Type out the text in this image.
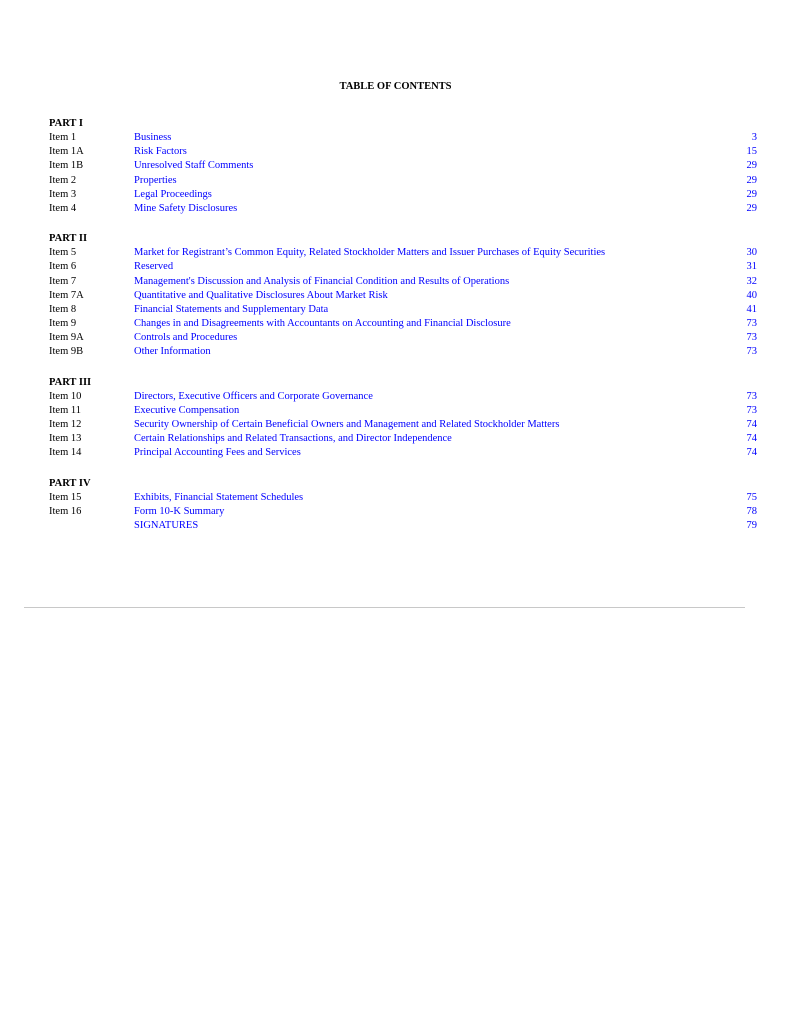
TABLE OF CONTENTS
PART I
Item 1	Business	3
Item 1A	Risk Factors	15
Item 1B	Unresolved Staff Comments	29
Item 2	Properties	29
Item 3	Legal Proceedings	29
Item 4	Mine Safety Disclosures	29
PART II
Item 5	Market for Registrant’s Common Equity, Related Stockholder Matters and Issuer Purchases of Equity Securities	30
Item 6	Reserved	31
Item 7	Management's Discussion and Analysis of Financial Condition and Results of Operations	32
Item 7A	Quantitative and Qualitative Disclosures About Market Risk	40
Item 8	Financial Statements and Supplementary Data	41
Item 9	Changes in and Disagreements with Accountants on Accounting and Financial Disclosure	73
Item 9A	Controls and Procedures	73
Item 9B	Other Information	73
PART III
Item 10	Directors, Executive Officers and Corporate Governance	73
Item 11	Executive Compensation	73
Item 12	Security Ownership of Certain Beneficial Owners and Management and Related Stockholder Matters	74
Item 13	Certain Relationships and Related Transactions, and Director Independence	74
Item 14	Principal Accounting Fees and Services	74
PART IV
Item 15	Exhibits, Financial Statement Schedules	75
Item 16	Form 10-K Summary	78
SIGNATURES	79
